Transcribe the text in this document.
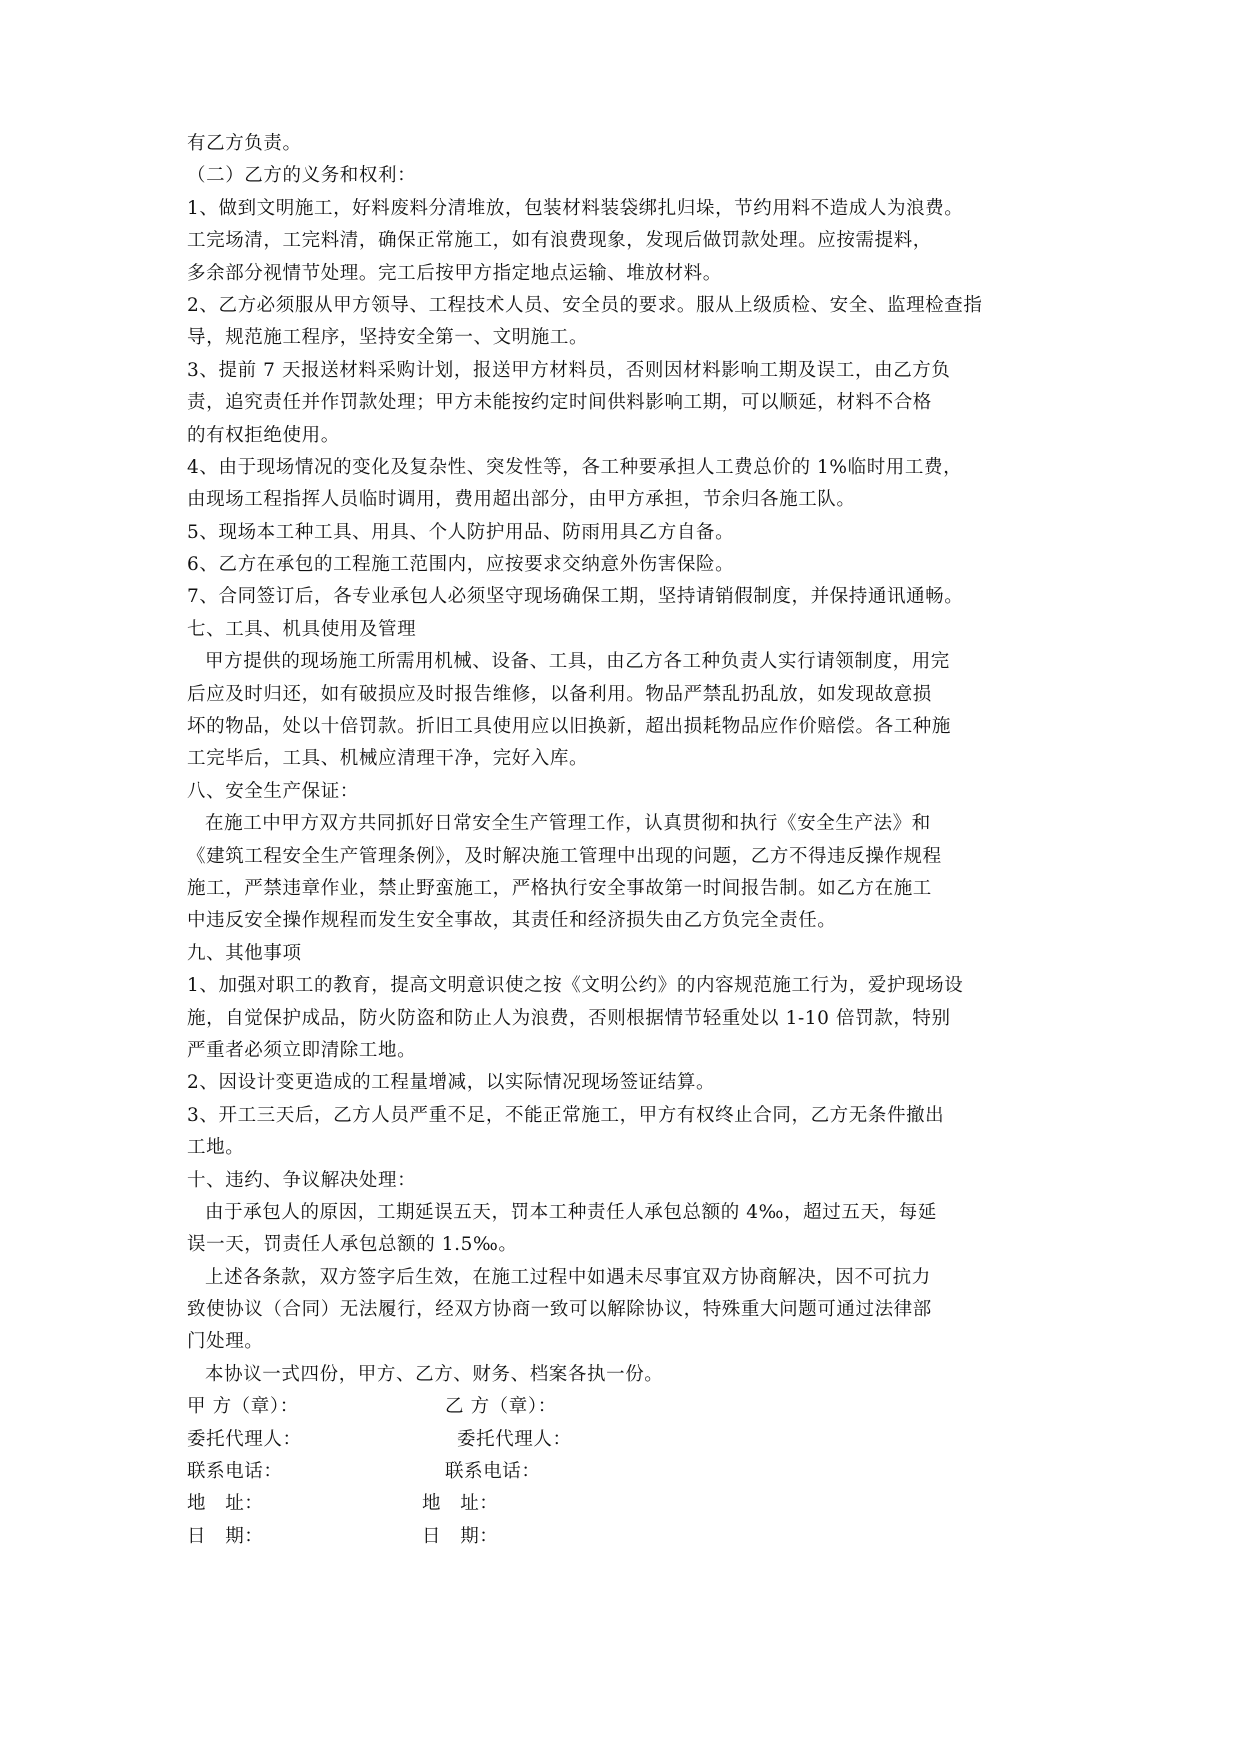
有乙方负责。
（二）乙方的义务和权利：
1、做到文明施工，好料废料分清堆放，包装材料装袋绑扎归垛，节约用料不造成人为浪费。
工完场清，工完料清，确保正常施工，如有浪费现象，发现后做罚款处理。应按需提料，
多余部分视情节处理。完工后按甲方指定地点运输、堆放材料。
2、乙方必须服从甲方领导、工程技术人员、安全员的要求。服从上级质检、安全、监理检查指
导，规范施工程序，坚持安全第一、文明施工。
3、提前 7 天报送材料采购计划，报送甲方材料员，否则因材料影响工期及误工，由乙方负
责，追究责任并作罚款处理；甲方未能按约定时间供料影响工期，可以顺延，材料不合格
的有权拒绝使用。
4、由于现场情况的变化及复杂性、突发性等，各工种要承担人工费总价的 1%临时用工费，
由现场工程指挥人员临时调用，费用超出部分，由甲方承担，节余归各施工队。
5、现场本工种工具、用具、个人防护用品、防雨用具乙方自备。
6、乙方在承包的工程施工范围内，应按要求交纳意外伤害保险。
7、合同签订后，各专业承包人必须坚守现场确保工期，坚持请销假制度，并保持通讯通畅。
七、工具、机具使用及管理
甲方提供的现场施工所需用机械、设备、工具，由乙方各工种负责人实行请领制度，用完
后应及时归还，如有破损应及时报告维修，以备利用。物品严禁乱扔乱放，如发现故意损
坏的物品，处以十倍罚款。折旧工具使用应以旧换新，超出损耗物品应作价赔偿。各工种施
工完毕后，工具、机械应清理干净，完好入库。
八、安全生产保证：
在施工中甲方双方共同抓好日常安全生产管理工作，认真贯彻和执行《安全生产法》和
《建筑工程安全生产管理条例》，及时解决施工管理中出现的问题，乙方不得违反操作规程
施工，严禁违章作业，禁止野蛮施工，严格执行安全事故第一时间报告制。如乙方在施工
中违反安全操作规程而发生安全事故，其责任和经济损失由乙方负完全责任。
九、其他事项
1、加强对职工的教育，提高文明意识使之按《文明公约》的内容规范施工行为，爱护现场设
施，自觉保护成品，防火防盗和防止人为浪费，否则根据情节轻重处以 1-10 倍罚款，特别
严重者必须立即清除工地。
2、因设计变更造成的工程量增减，以实际情况现场签证结算。
3、开工三天后，乙方人员严重不足，不能正常施工，甲方有权终止合同，乙方无条件撤出
工地。
十、违约、争议解决处理：
由于承包人的原因，工期延误五天，罚本工种责任人承包总额的 4‰，超过五天，每延
误一天，罚责任人承包总额的 1.5‰。
上述各条款，双方签字后生效，在施工过程中如遇未尽事宜双方协商解决，因不可抗力
致使协议（合同）无法履行，经双方协商一致可以解除协议，特殊重大问题可通过法律部
门处理。
本协议一式四份，甲方、乙方、财务、档案各执一份。
甲 方（章）：	乙 方（章）：
委托代理人：	委托代理人：
联系电话：	联系电话：
地　址：	地　址：
日　期：	日　期：
